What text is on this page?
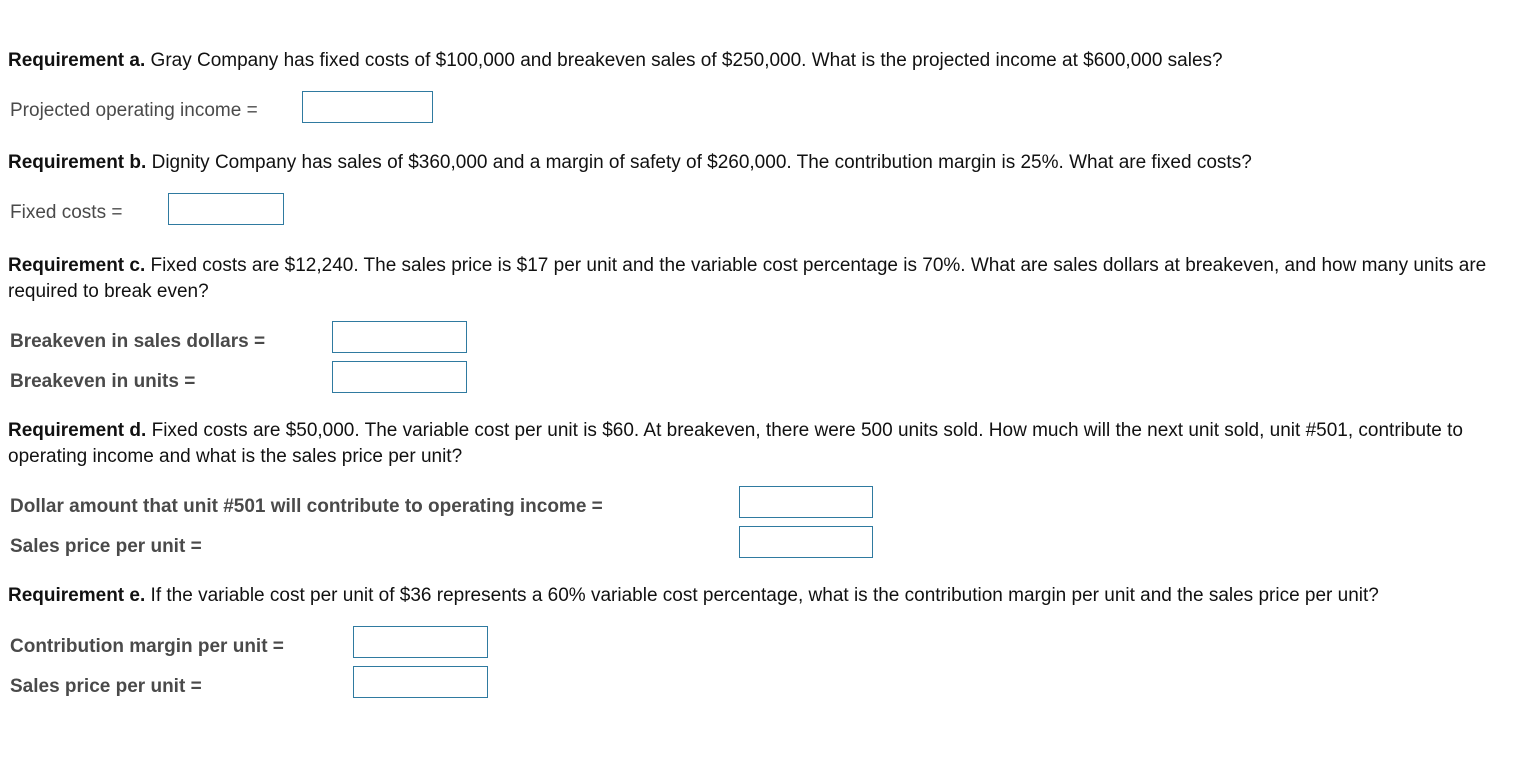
Requirement a. Gray Company has fixed costs of $100,000 and breakeven sales of $250,000. What is the projected income at $600,000 sales?

Projected operating income =

Requirement b. Dignity Company has sales of $360,000 and a margin of safety of $260,000. The contribution margin is 25%. What are fixed costs?

Fixed costs =

Requirement c. Fixed costs are $12,240. The sales price is $17 per unit and the variable cost percentage is 70%. What are sales dollars at breakeven, and how many units are required to break even?

Breakeven in sales dollars =
Breakeven in units =

Requirement d. Fixed costs are $50,000. The variable cost per unit is $60. At breakeven, there were 500 units sold. How much will the next unit sold, unit #501, contribute to operating income and what is the sales price per unit?

Dollar amount that unit #501 will contribute to operating income =
Sales price per unit =

Requirement e. If the variable cost per unit of $36 represents a 60% variable cost percentage, what is the contribution margin per unit and the sales price per unit?

Contribution margin per unit =
Sales price per unit =
